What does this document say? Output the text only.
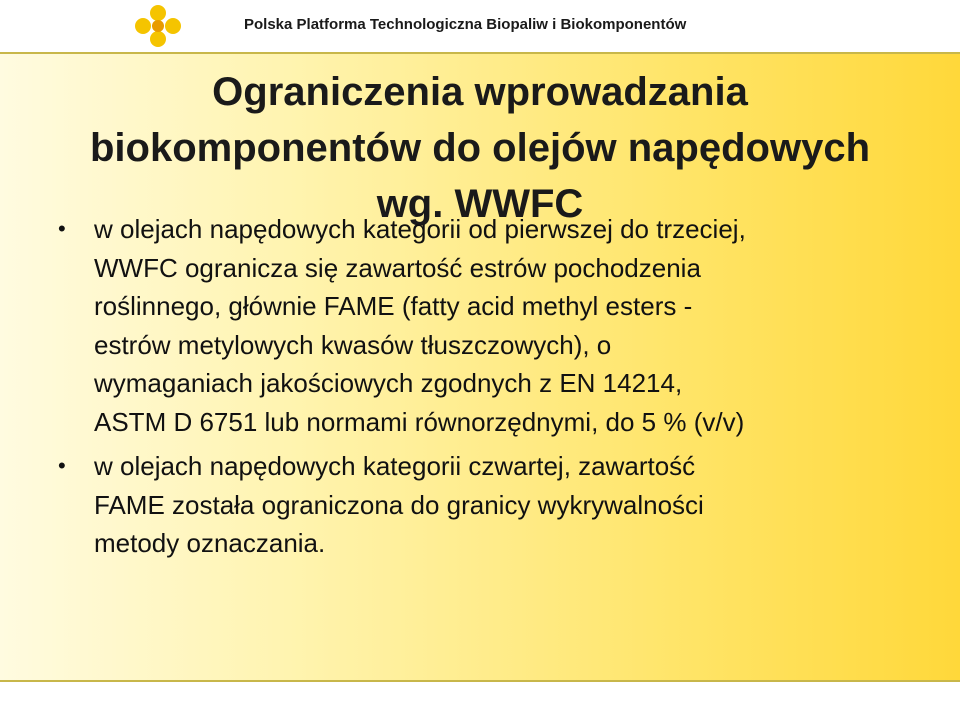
Polska Platforma Technologiczna Biopaliw i Biokomponentów
Ograniczenia wprowadzania
biokomponentów do olejów napędowych
wg. WWFC
• w olejach napędowych kategorii od pierwszej do trzeciej,
WWFC ogranicza się zawartość estrów pochodzenia
roślinnego, głównie FAME (fatty acid methyl esters -
estrów metylowych kwasów tłuszczowych), o
wymaganiach jakościowych zgodnych z EN 14214,
ASTM D 6751 lub normami równorzędnymi, do 5 % (v/v)
• w olejach napędowych kategorii czwartej, zawartość
FAME została ograniczona do granicy wykrywalności
metody oznaczania.
